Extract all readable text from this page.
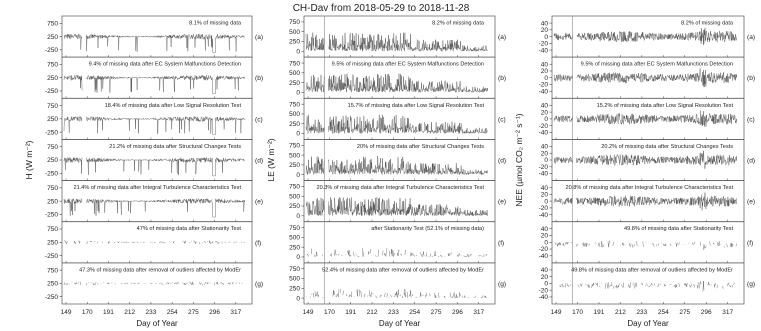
CH-Dav from 2018-05-29 to 2018-11-28
H (W m⁻²)
Day of Year
750
250
-250
8.1% of missing data
(a)
750
250
-250
9.4% of missing data after EC System Malfunctions Detection
(b)
750
250
-250
18.4% of missing data after Low Signal Resolution Test
(c)
750
250
-250
21.2% of missing data after Structural Changes Tests
(d)
750
250
-250
21.4% of missing data after Integral Turbulence Characteristics Test
(e)
750
250
-250
47% of missing data after Stationarity Test
(f)
750
250
-250
47.3% of missing data after removal of outliers affected by ModEr
(g)
149 170 191 212 233 254 275 296 317
LE (W m⁻²)
Day of Year
750
500
250
0
8.2% of missing data
(a)
750
500
250
0
9.5% of missing data after EC System Malfunctions Detection
(b)
750
500
250
0
15.7% of missing data after Low Signal Resolution Test
(c)
750
500
250
0
20% of missing data after Structural Changes Tests
(d)
750
500
250
0
20.3% of missing data after Integral Turbulence Characteristics Test
(e)
750
500
250
0
after Stationarity Test (52.1% of missing data)
(f)
750
500
250
0
52.4% of missing data after removal of outliers affected by ModEr
(g)
149 170 191 212 233 254 275 296 317
NEE (µmol CO₂ m⁻² s⁻¹)
Day of Year
40
20
0
-20
-40
8.2% of missing data
(a)
40
20
0
-20
-40
9.5% of missing data after EC System Malfunctions Detection
(b)
40
20
0
-20
-40
15.2% of missing data after Low Signal Resolution Test
(c)
40
20
0
-20
-40
20.2% of missing data after Structural Changes Tests
(d)
40
20
0
-20
-40
20.8% of missing data after Integral Turbulence Characteristics Test
(e)
40
20
0
-20
-40
49.8% of missing data after Stationarity Test
(f)
40
20
0
-20
-40
49.8% of missing data after removal of outliers affected by ModEr
(g)
149 170 191 212 233 254 275 296 317
